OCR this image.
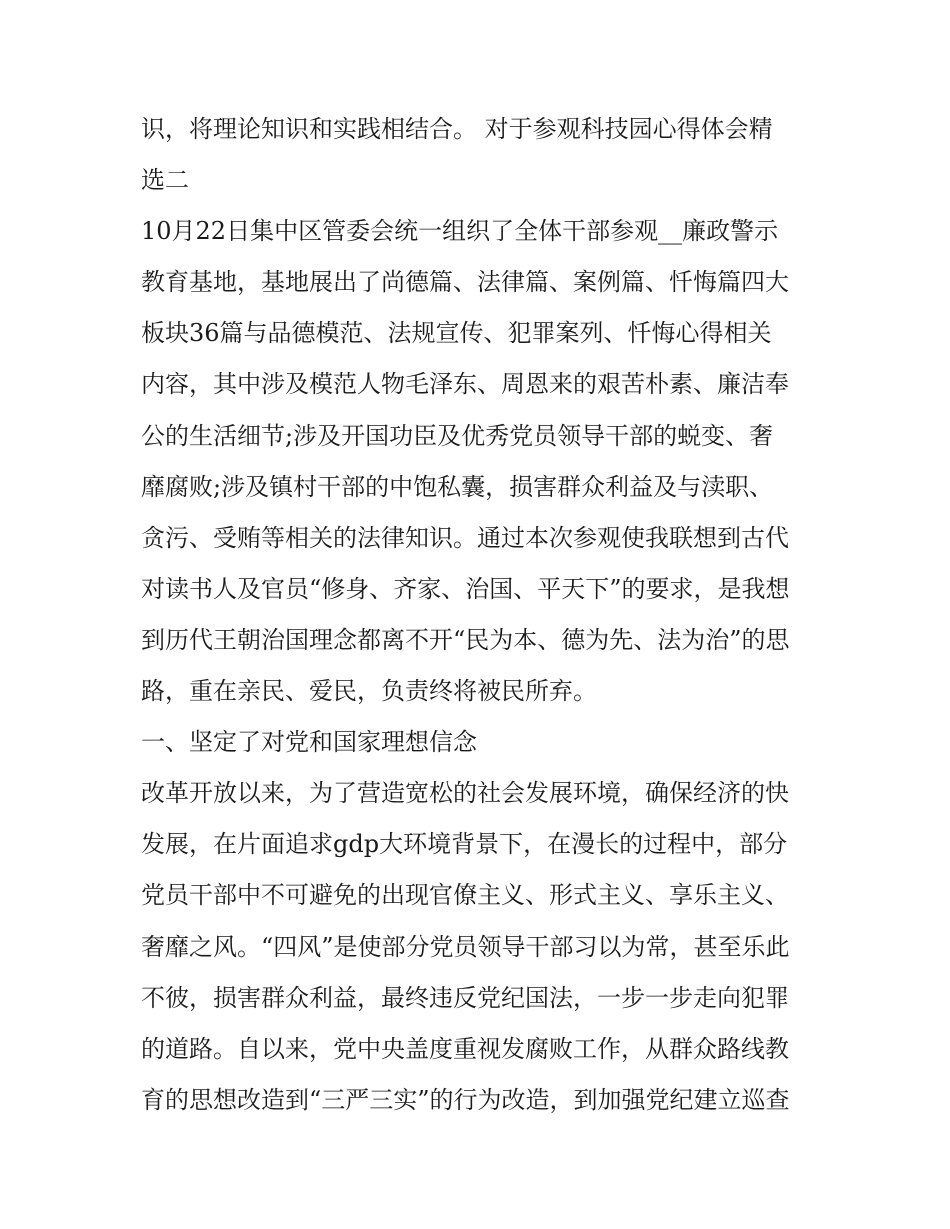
识，将理论知识和实践相结合。 对于参观科技园心得体会精
选二
10月22日集中区管委会统一组织了全体干部参观__廉政警示
教育基地，基地展出了尚德篇、法律篇、案例篇、忏悔篇四大
板块36篇与品德模范、法规宣传、犯罪案列、忏悔心得相关
内容，其中涉及模范人物毛泽东、周恩来的艰苦朴素、廉洁奉
公的生活细节;涉及开国功臣及优秀党员领导干部的蜕变、奢
靡腐败;涉及镇村干部的中饱私囊，损害群众利益及与渎职、
贪污、受贿等相关的法律知识。通过本次参观使我联想到古代
对读书人及官员“修身、齐家、治国、平天下”的要求，是我想
到历代王朝治国理念都离不开“民为本、德为先、法为治”的思
路，重在亲民、爱民，负责终将被民所弃。
一、坚定了对党和国家理想信念
改革开放以来，为了营造宽松的社会发展环境，确保经济的快
发展，在片面追求gdp大环境背景下，在漫长的过程中，部分
党员干部中不可避免的出现官僚主义、形式主义、享乐主义、
奢靡之风。“四风”是使部分党员领导干部习以为常，甚至乐此
不彼，损害群众利益，最终违反党纪国法，一步一步走向犯罪
的道路。自以来，党中央盖度重视发腐败工作，从群众路线教
育的思想改造到“三严三实”的行为改造，到加强党纪建立巡查
